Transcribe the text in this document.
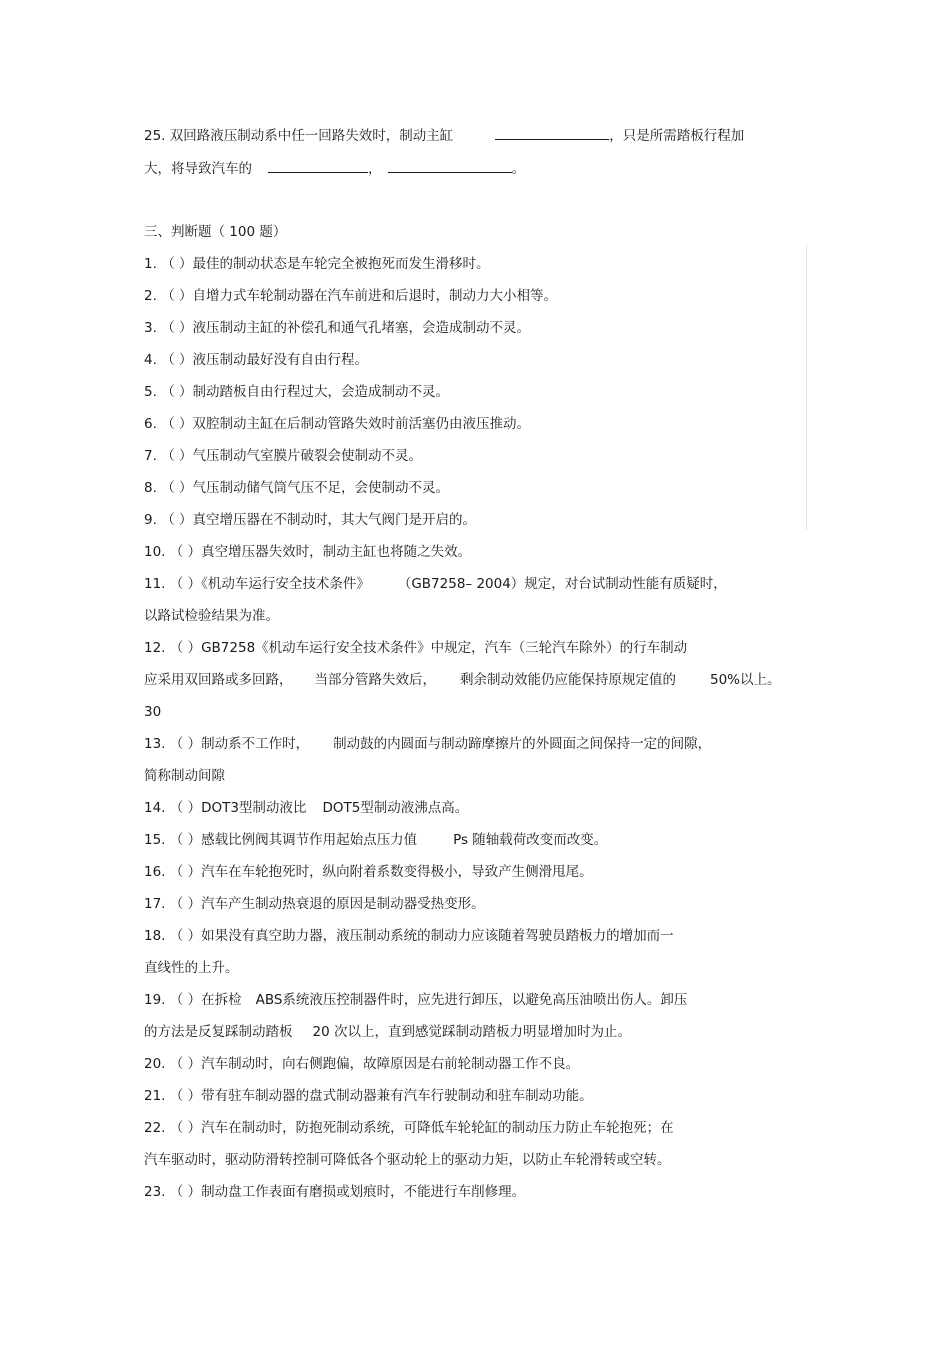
25. 双回路液压制动系中任一回路失效时，制动主缸	，只是所需踏板行程加
大，将导致汽车的	，	。
三、判断题（ 100 题）
1. （ ）最佳的制动状态是车轮完全被抱死而发生滑移时。
2. （ ）自增力式车轮制动器在汽车前进和后退时，制动力大小相等。
3. （ ）液压制动主缸的补偿孔和通气孔堵塞，会造成制动不灵。
4. （ ）液压制动最好没有自由行程。
5. （ ）制动踏板自由行程过大，会造成制动不灵。
6. （ ）双腔制动主缸在后制动管路失效时前活塞仍由液压推动。
7. （ ）气压制动气室膜片破裂会使制动不灵。
8. （ ）气压制动储气筒气压不足，会使制动不灵。
9. （ ）真空增压器在不制动时，其大气阀门是开启的。
10. （ ）真空增压器失效时，制动主缸也将随之失效。
11. （ ）《机动车运行安全技术条件》 （GB7258– 2004）规定，对台试制动性能有质疑时，
以路试检验结果为准。
12. （ ）GB7258《机动车运行安全技术条件》中规定，汽车（三轮汽车除外）的行车制动
应采用双回路或多回路， 当部分管路失效后， 剩余制动效能仍应能保持原规定值的	50%以上。
30
13. （ ）制动系不工作时， 制动鼓的内圆面与制动蹄摩擦片的外圆面之间保持一定的间隙，
简称制动间隙
14. （ ）DOT3型制动液比 DOT5型制动液沸点高。
15. （ ）感载比例阀其调节作用起始点压力值	Ps 随轴载荷改变而改变。
16. （ ）汽车在车轮抱死时，纵向附着系数变得极小，导致产生侧滑甩尾。
17. （ ）汽车产生制动热衰退的原因是制动器受热变形。
18. （ ）如果没有真空助力器，液压制动系统的制动力应该随着驾驶员踏板力的增加而一
直线性的上升。
19. （ ）在拆检 ABS系统液压控制器件时，应先进行卸压，以避免高压油喷出伤人。卸压
的方法是反复踩制动踏板 20 次以上，直到感觉踩制动踏板力明显增加时为止。
20. （ ）汽车制动时，向右侧跑偏，故障原因是右前轮制动器工作不良。
21. （ ）带有驻车制动器的盘式制动器兼有汽车行驶制动和驻车制动功能。
22. （ ）汽车在制动时，防抱死制动系统，可降低车轮轮缸的制动压力防止车轮抱死；在
汽车驱动时，驱动防滑转控制可降低各个驱动轮上的驱动力矩，以防止车轮滑转或空转。
23. （ ）制动盘工作表面有磨损或划痕时，不能进行车削修理。
